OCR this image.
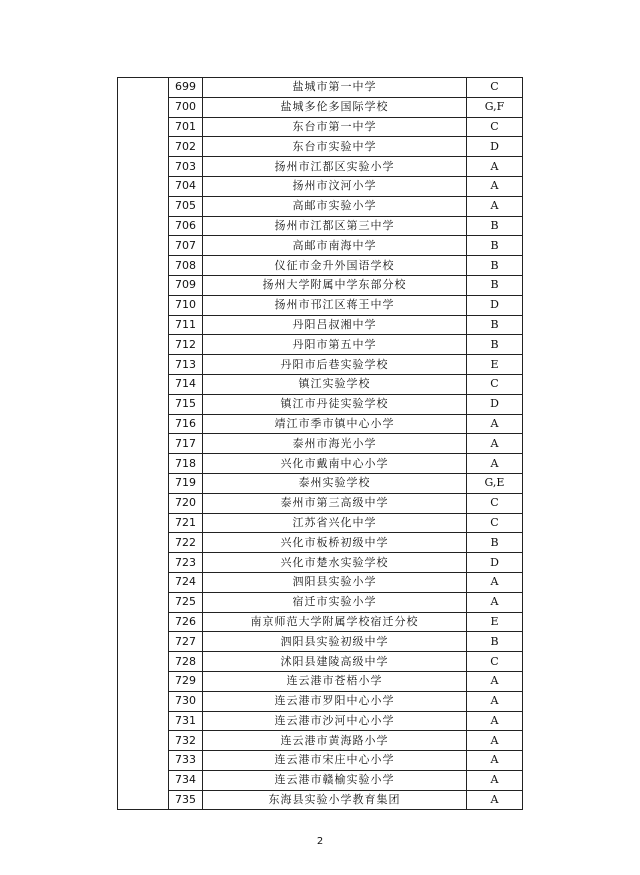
	699	盐城市第一中学	C
	700	盐城多伦多国际学校	G,F
	701	东台市第一中学	C
	702	东台市实验中学	D
	703	扬州市江都区实验小学	A
	704	扬州市汶河小学	A
	705	高邮市实验小学	A
	706	扬州市江都区第三中学	B
	707	高邮市南海中学	B
	708	仪征市金升外国语学校	B
	709	扬州大学附属中学东部分校	B
	710	扬州市邗江区蒋王中学	D
	711	丹阳吕叔湘中学	B
	712	丹阳市第五中学	B
	713	丹阳市后巷实验学校	E
	714	镇江实验学校	C
	715	镇江市丹徒实验学校	D
	716	靖江市季市镇中心小学	A
	717	泰州市海光小学	A
	718	兴化市戴南中心小学	A
	719	泰州实验学校	G,E
	720	泰州市第三高级中学	C
	721	江苏省兴化中学	C
	722	兴化市板桥初级中学	B
	723	兴化市楚水实验学校	D
	724	泗阳县实验小学	A
	725	宿迁市实验小学	A
	726	南京师范大学附属学校宿迁分校	E
	727	泗阳县实验初级中学	B
	728	沭阳县建陵高级中学	C
	729	连云港市苍梧小学	A
	730	连云港市罗阳中心小学	A
	731	连云港市沙河中心小学	A
	732	连云港市黄海路小学	A
	733	连云港市宋庄中心小学	A
	734	连云港市赣榆实验小学	A
	735	东海县实验小学教育集团	A
2
